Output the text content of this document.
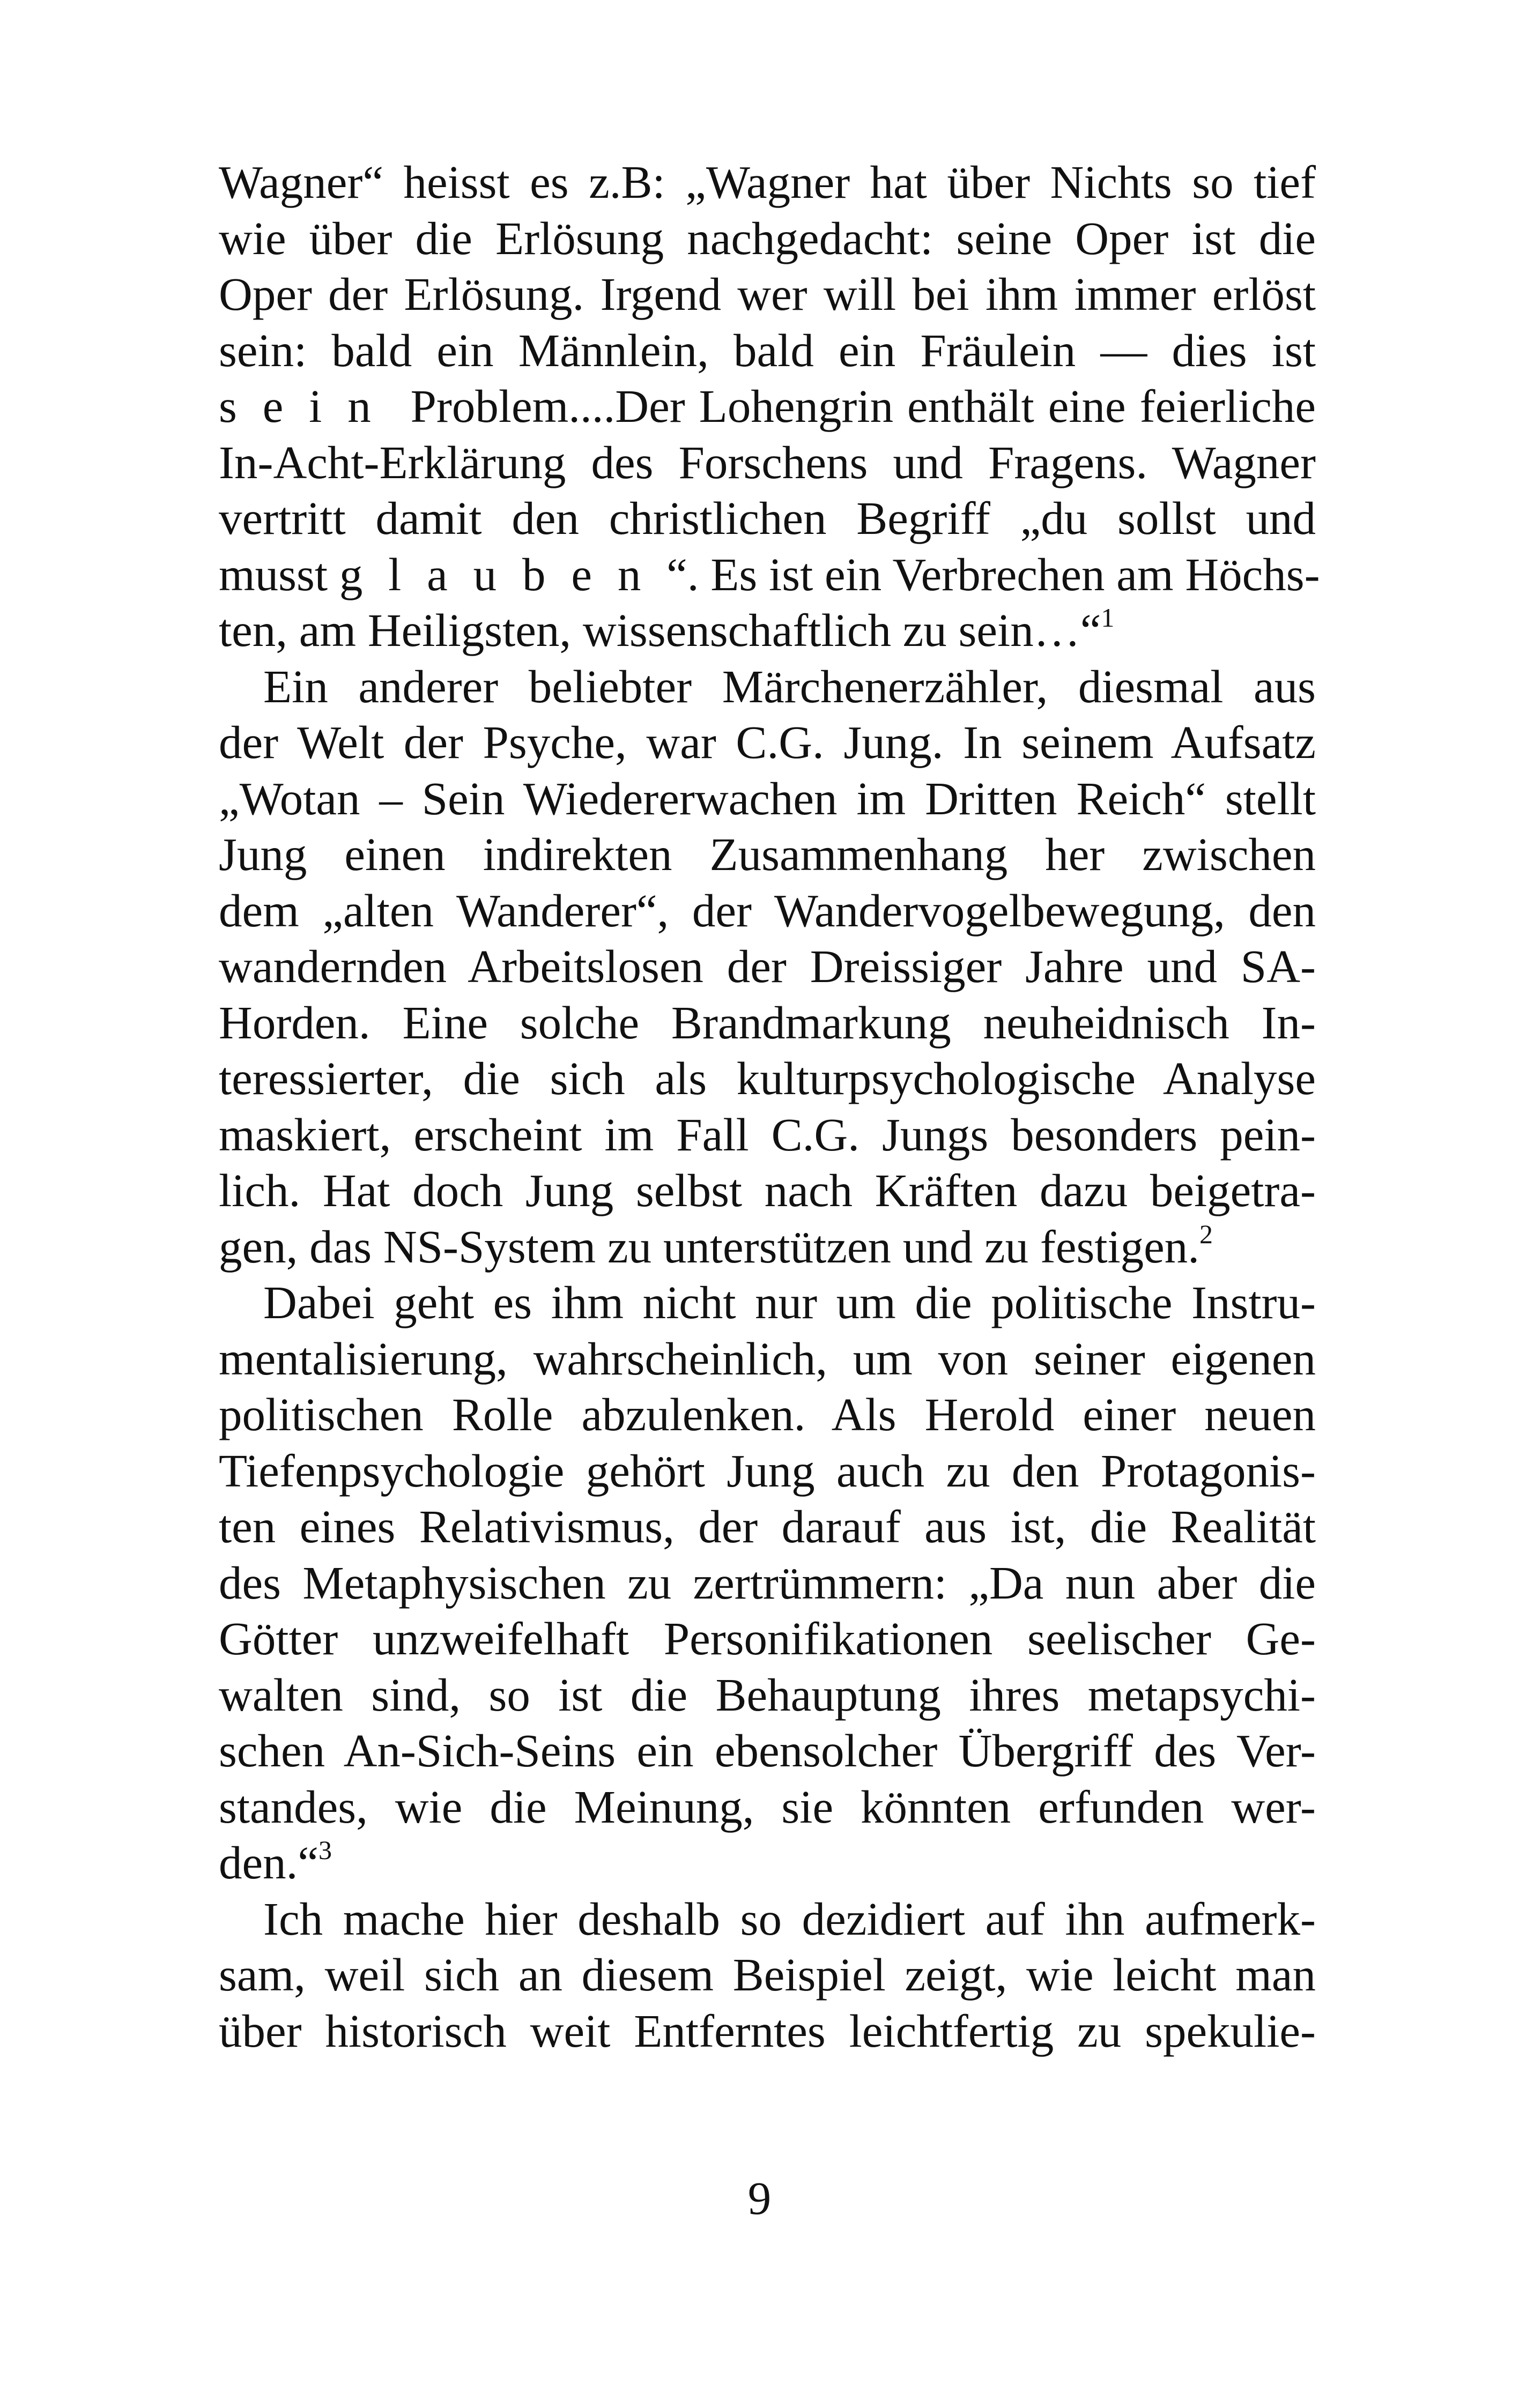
Wagner“ heisst es z.B: „Wagner hat über Nichts so tief
wie über die Erlösung nachgedacht: seine Oper ist die
Oper der Erlösung. Irgend wer will bei ihm immer erlöst
sein: bald ein Männlein, bald ein Fräulein — dies ist
sein Problem....Der Lohengrin enthält eine feierliche
In-Acht-Erklärung des Forschens und Fragens. Wagner
vertritt damit den christlichen Begriff „du sollst und
musst glauben“. Es ist ein Verbrechen am Höchs-
ten, am Heiligsten, wissenschaftlich zu sein…“$^1$
Ein anderer beliebter Märchenerzähler, diesmal aus
der Welt der Psyche, war C.G. Jung. In seinem Aufsatz
„Wotan – Sein Wiedererwachen im Dritten Reich“ stellt
Jung einen indirekten Zusammenhang her zwischen
dem „alten Wanderer“, der Wandervogelbewegung, den
wandernden Arbeitslosen der Dreissiger Jahre und SA-
Horden. Eine solche Brandmarkung neuheidnisch In-
teressierter, die sich als kulturpsychologische Analyse
maskiert, erscheint im Fall C.G. Jungs besonders pein-
lich. Hat doch Jung selbst nach Kräften dazu beigetra-
gen, das NS-System zu unterstützen und zu festigen.$^2$
Dabei geht es ihm nicht nur um die politische Instru-
mentalisierung, wahrscheinlich, um von seiner eigenen
politischen Rolle abzulenken. Als Herold einer neuen
Tiefenpsychologie gehört Jung auch zu den Protagonis-
ten eines Relativismus, der darauf aus ist, die Realität
des Metaphysischen zu zertrümmern: „Da nun aber die
Götter unzweifelhaft Personifikationen seelischer Ge-
walten sind, so ist die Behauptung ihres metapsychi-
schen An-Sich-Seins ein ebensolcher Übergriff des Ver-
standes, wie die Meinung, sie könnten erfunden wer-
den.“$^3$
Ich mache hier deshalb so dezidiert auf ihn aufmerk-
sam, weil sich an diesem Beispiel zeigt, wie leicht man
über historisch weit Entferntes leichtfertig zu spekulie-
9
